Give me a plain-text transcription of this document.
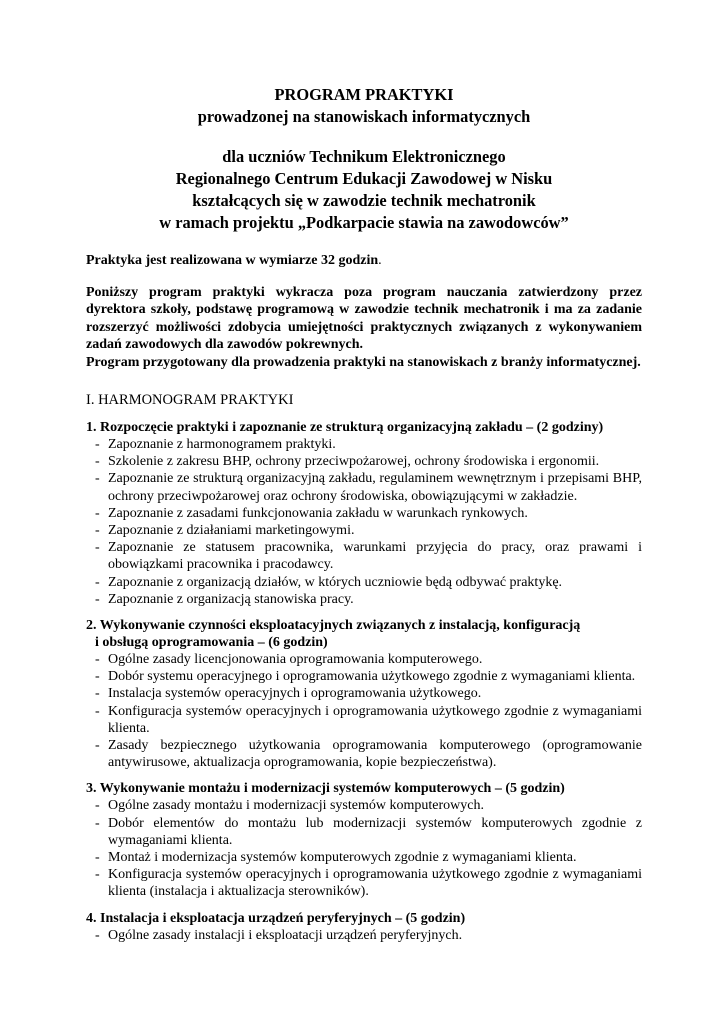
PROGRAM PRAKTYKI

prowadzonej na stanowiskach informatycznych

dla uczniów Technikum Elektronicznego

Regionalnego Centrum Edukacji Zawodowej w Nisku

kształcących się w zawodzie technik mechatronik

w ramach projektu „Podkarpacie stawia na zawodowców”

Praktyka jest realizowana w wymiarze 32 godzin.

Poniższy program praktyki wykracza poza program nauczania zatwierdzony przez dyrektora szkoły, podstawę programową w zawodzie technik mechatronik i ma za zadanie rozszerzyć możliwości zdobycia umiejętności praktycznych związanych z wykonywaniem zadań zawodowych dla zawodów pokrewnych.

Program przygotowany dla prowadzenia praktyki na stanowiskach z branży informatycznej.

I. HARMONOGRAM PRAKTYKI

1. Rozpoczęcie praktyki i zapoznanie ze strukturą organizacyjną zakładu – (2 godziny)

- Zapoznanie z harmonogramem praktyki.
- Szkolenie z zakresu BHP, ochrony przeciwpożarowej, ochrony środowiska i ergonomii.
- Zapoznanie ze strukturą organizacyjną zakładu, regulaminem wewnętrznym i przepisami BHP, ochrony przeciwpożarowej oraz ochrony środowiska, obowiązującymi w zakładzie.
- Zapoznanie z zasadami funkcjonowania zakładu w warunkach rynkowych.
- Zapoznanie z działaniami marketingowymi.
- Zapoznanie ze statusem pracownika, warunkami przyjęcia do pracy, oraz prawami i obowiązkami pracownika i pracodawcy.
- Zapoznanie z organizacją działów, w których uczniowie będą odbywać praktykę.
- Zapoznanie z organizacją stanowiska pracy.

2. Wykonywanie czynności eksploatacyjnych związanych z instalacją, konfiguracją
i obsługą oprogramowania – (6 godzin)

- Ogólne zasady licencjonowania oprogramowania komputerowego.
- Dobór systemu operacyjnego i oprogramowania użytkowego zgodnie z wymaganiami klienta.
- Instalacja systemów operacyjnych i oprogramowania użytkowego.
- Konfiguracja systemów operacyjnych i oprogramowania użytkowego zgodnie z wymaganiami klienta.
- Zasady bezpiecznego użytkowania oprogramowania komputerowego (oprogramowanie antywirusowe, aktualizacja oprogramowania, kopie bezpieczeństwa).

3. Wykonywanie montażu i modernizacji systemów komputerowych – (5 godzin)

- Ogólne zasady montażu i modernizacji systemów komputerowych.
- Dobór elementów do montażu lub modernizacji systemów komputerowych zgodnie z wymaganiami klienta.
- Montaż i modernizacja systemów komputerowych zgodnie z wymaganiami klienta.
- Konfiguracja systemów operacyjnych i oprogramowania użytkowego zgodnie z wymaganiami klienta (instalacja i aktualizacja sterowników).

4. Instalacja i eksploatacja urządzeń peryferyjnych – (5 godzin)

- Ogólne zasady instalacji i eksploatacji urządzeń peryferyjnych.
